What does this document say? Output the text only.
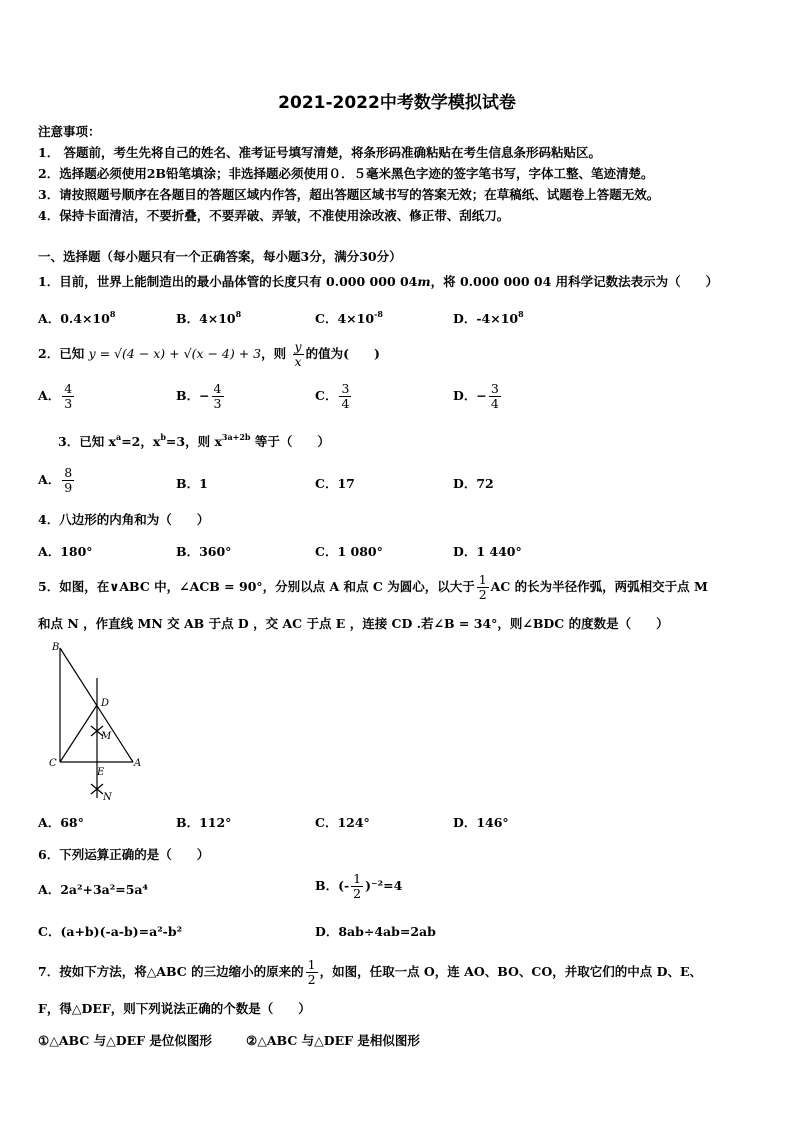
2021-2022中考数学模拟试卷
注意事项：
1． 答题前，考生先将自己的姓名、准考证号填写清楚，将条形码准确粘贴在考生信息条形码粘贴区。
2．选择题必须使用2B铅笔填涂；非选择题必须使用０．５毫米黑色字迹的签字笔书写，字体工整、笔迹清楚。
3．请按照题号顺序在各题目的答题区域内作答，超出答题区域书写的答案无效；在草稿纸、试题卷上答题无效。
4．保持卡面清洁，不要折叠，不要弄破、弄皱，不准使用涂改液、修正带、刮纸刀。
一、选择题（每小题只有一个正确答案，每小题3分，满分30分）
1．目前，世界上能制造出的最小晶体管的长度只有 0.000 000 04m，将 0.000 000 04 用科学记数法表示为（　　）
A．$0.4\times 10^8$	B．$4\times 10^8$	C．$4\times 10^{-8}$	D．$-4\times 10^8$
2．已知 y = √(4 − x) + √(x − 4) + 3，则 $\frac{y}{x}$ 的值为(　　)
A． $\frac{4}{3}$	B．− $\frac{4}{3}$	C． $\frac{3}{4}$	D．− $\frac{3}{4}$
3．已知 $x^a=2$，$x^b=3$，则 $x^{3a+2b}$ 等于（　　）
A． $\frac{8}{9}$	B．1	C．17	D．72
4．八边形的内角和为（　　）
A．180°	B．360°	C．1 080°	D．1 440°
5．如图，在∨ABC 中，∠ACB = 90°，分别以点 A 和点 C 为圆心，以大于 $\frac{1}{2}$ AC 的长为半径作弧，两弧相交于点 M
和点 N ，作直线 MN 交 AB 于点 D ，交 AC 于点 E ，连接 CD .若∠B = 34°，则∠BDC 的度数是（　　）
B
D
M
C
E
A
N
A．68°	B．112°	C．124°	D．146°
6．下列运算正确的是（　　）
A．2a²+3a²=5a⁴	B．(- $\frac{1}{2} )^{-2}=4$
C．(a+b)(-a-b)=a²-b²	D．8ab÷4ab=2ab
7．按如下方法，将△ABC 的三边缩小的原来的 $\frac{1}{2}$ ，如图，任取一点 O，连 AO、BO、CO，并取它们的中点 D、E、
F，得△DEF，则下列说法正确的个数是（　　）
①△ABC 与△DEF 是位似图形	②△ABC 与△DEF 是相似图形
